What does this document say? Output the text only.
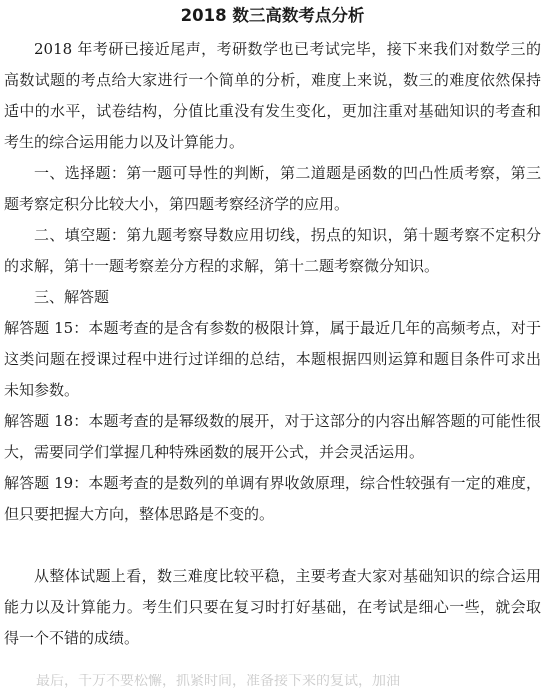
2018 数三高数考点分析

2018 年考研已接近尾声，考研数学也已考试完毕，接下来我们对数学三的高数试题的考点给大家进行一个简单的分析，难度上来说，数三的难度依然保持适中的水平，试卷结构，分值比重没有发生变化，更加注重对基础知识的考查和考生的综合运用能力以及计算能力。

一、选择题：第一题可导性的判断，第二道题是函数的凹凸性质考察，第三题考察定积分比较大小，第四题考察经济学的应用。

二、填空题：第九题考察导数应用切线，拐点的知识，第十题考察不定积分的求解，第十一题考察差分方程的求解，第十二题考察微分知识。

三、解答题

解答题 15：本题考查的是含有参数的极限计算，属于最近几年的高频考点，对于这类问题在授课过程中进行过详细的总结，本题根据四则运算和题目条件可求出未知参数。

解答题 18：本题考查的是幂级数的展开，对于这部分的内容出解答题的可能性很大，需要同学们掌握几种特殊函数的展开公式，并会灵活运用。

解答题 19：本题考查的是数列的单调有界收敛原理，综合性较强有一定的难度，但只要把握大方向，整体思路是不变的。

从整体试题上看，数三难度比较平稳，主要考查大家对基础知识的综合运用能力以及计算能力。考生们只要在复习时打好基础，在考试是细心一些，就会取得一个不错的成绩。

最后，千万不要松懈，抓紧时间，准备接下来的复试，加油
